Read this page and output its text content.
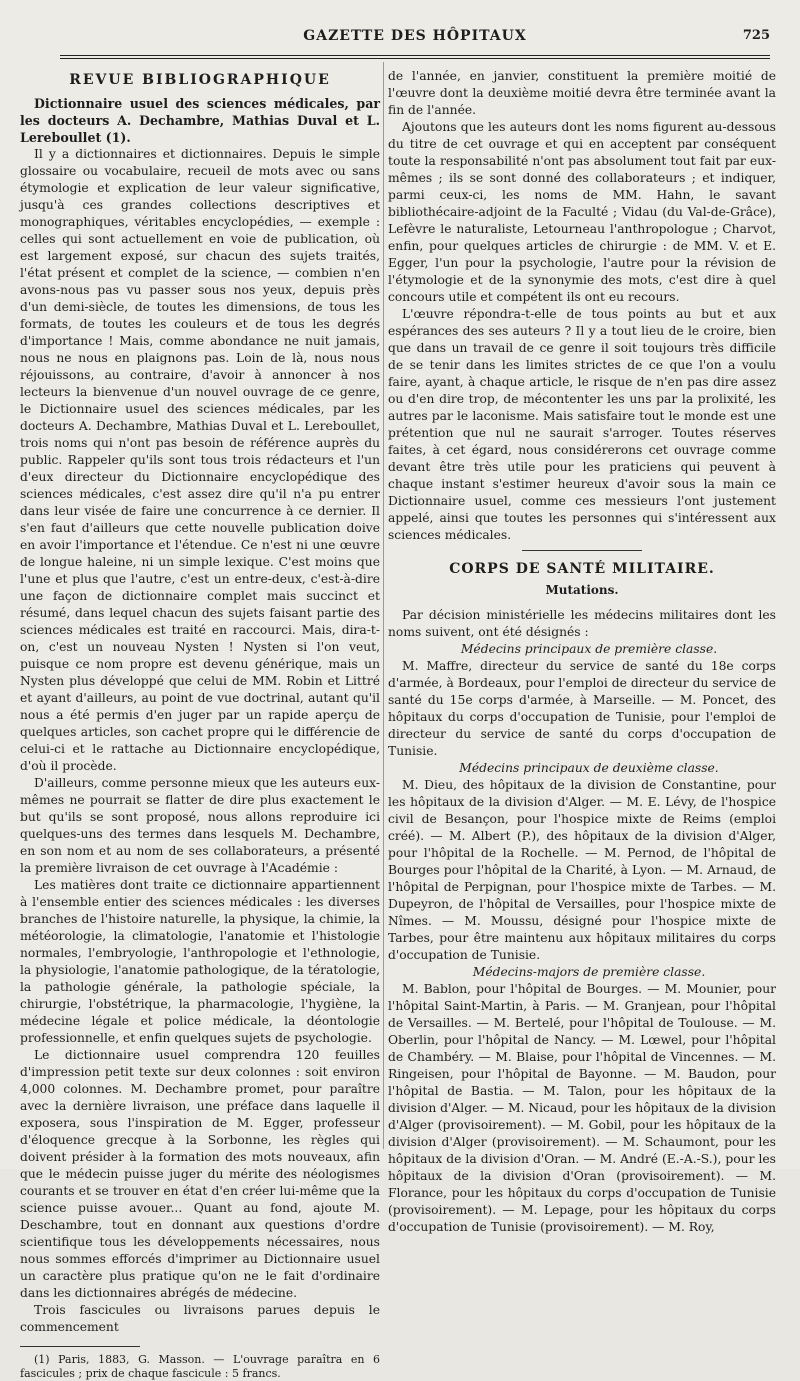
GAZETTE DES HÔPITAUX	725
REVUE BIBLIOGRAPHIQUE

Dictionnaire usuel des sciences médicales, par les docteurs A. Dechambre, Mathias Duval et L. Lereboullet (1).

Il y a dictionnaires et dictionnaires. Depuis le simple glossaire ou vocabulaire, recueil de mots avec ou sans étymologie et explication de leur valeur significative, jusqu'à ces grandes collections descriptives et monographiques, véritables encyclopédies, — exemple : celles qui sont actuellement en voie de publication, où est largement exposé, sur chacun des sujets traités, l'état présent et complet de la science, — combien n'en avons-nous pas vu passer sous nos yeux, depuis près d'un demi-siècle, de toutes les dimensions, de tous les formats, de toutes les couleurs et de tous les degrés d'importance ! Mais, comme abondance ne nuit jamais, nous ne nous en plaignons pas. Loin de là, nous nous réjouissons, au contraire, d'avoir à annoncer à nos lecteurs la bienvenue d'un nouvel ouvrage de ce genre, le Dictionnaire usuel des sciences médicales, par les docteurs A. Dechambre, Mathias Duval et L. Lereboullet, trois noms qui n'ont pas besoin de référence auprès du public. Rappeler qu'ils sont tous trois rédacteurs et l'un d'eux directeur du Dictionnaire encyclopédique des sciences médicales, c'est assez dire qu'il n'a pu entrer dans leur visée de faire une concurrence à ce dernier. Il s'en faut d'ailleurs que cette nouvelle publication doive en avoir l'importance et l'étendue. Ce n'est ni une œuvre de longue haleine, ni un simple lexique. C'est moins que l'une et plus que l'autre, c'est un entre-deux, c'est-à-dire une façon de dictionnaire complet mais succinct et résumé, dans lequel chacun des sujets faisant partie des sciences médicales est traité en raccourci. Mais, dira-t-on, c'est un nouveau Nysten ! Nysten si l'on veut, puisque ce nom propre est devenu générique, mais un Nysten plus développé que celui de MM. Robin et Littré et ayant d'ailleurs, au point de vue doctrinal, autant qu'il nous a été permis d'en juger par un rapide aperçu de quelques articles, son cachet propre qui le différencie de celui-ci et le rattache au Dictionnaire encyclopédique, d'où il procède.

D'ailleurs, comme personne mieux que les auteurs eux-mêmes ne pourrait se flatter de dire plus exactement le but qu'ils se sont proposé, nous allons reproduire ici quelques-uns des termes dans lesquels M. Dechambre, en son nom et au nom de ses collaborateurs, a présenté la première livraison de cet ouvrage à l'Académie :

Les matières dont traite ce dictionnaire appartiennent à l'ensemble entier des sciences médicales : les diverses branches de l'histoire naturelle, la physique, la chimie, la météorologie, la climatologie, l'anatomie et l'histologie normales, l'embryologie, l'anthropologie et l'ethnologie, la physiologie, l'anatomie pathologique, de la tératologie, la pathologie générale, la pathologie spéciale, la chirurgie, l'obstétrique, la pharmacologie, l'hygiène, la médecine légale et police médicale, la déontologie professionnelle, et enfin quelques sujets de psychologie.

Le dictionnaire usuel comprendra 120 feuilles d'impression petit texte sur deux colonnes : soit environ 4,000 colonnes. M. Dechambre promet, pour paraître avec la dernière livraison, une préface dans laquelle il exposera, sous l'inspiration de M. Egger, professeur d'éloquence grecque à la Sorbonne, les règles qui doivent présider à la formation des mots nouveaux, afin que le médecin puisse juger du mérite des néologismes courants et se trouver en état d'en créer lui-même que la science puisse avouer... Quant au fond, ajoute M. Deschambre, tout en donnant aux questions d'ordre scientifique tous les développements nécessaires, nous nous sommes efforcés d'imprimer au Dictionnaire usuel un caractère plus pratique qu'on ne le fait d'ordinaire dans les dictionnaires abrégés de médecine.

Trois fascicules ou livraisons parues depuis le commencement

(1) Paris, 1883, G. Masson. — L'ouvrage paraîtra en 6 fascicules ; prix de chaque fascicule : 5 francs.

de l'année, en janvier, constituent la première moitié de l'œuvre dont la deuxième moitié devra être terminée avant la fin de l'année.

Ajoutons que les auteurs dont les noms figurent au-dessous du titre de cet ouvrage et qui en acceptent par conséquent toute la responsabilité n'ont pas absolument tout fait par eux-mêmes ; ils se sont donné des collaborateurs ; et indiquer, parmi ceux-ci, les noms de MM. Hahn, le savant bibliothécaire-adjoint de la Faculté ; Vidau (du Val-de-Grâce), Lefèvre le naturaliste, Letourneau l'anthropologue ; Charvot, enfin, pour quelques articles de chirurgie : de MM. V. et E. Egger, l'un pour la psychologie, l'autre pour la révision de l'étymologie et de la synonymie des mots, c'est dire à quel concours utile et compétent ils ont eu recours.

L'œuvre répondra-t-elle de tous points au but et aux espérances des ses auteurs ? Il y a tout lieu de le croire, bien que dans un travail de ce genre il soit toujours très difficile de se tenir dans les limites strictes de ce que l'on a voulu faire, ayant, à chaque article, le risque de n'en pas dire assez ou d'en dire trop, de mécontenter les uns par la prolixité, les autres par le laconisme. Mais satisfaire tout le monde est une prétention que nul ne saurait s'arroger. Toutes réserves faites, à cet égard, nous considérerons cet ouvrage comme devant être très utile pour les praticiens qui peuvent à chaque instant s'estimer heureux d'avoir sous la main ce Dictionnaire usuel, comme ces messieurs l'ont justement appelé, ainsi que toutes les personnes qui s'intéressent aux sciences médicales.

CORPS DE SANTÉ MILITAIRE.
Mutations.

Par décision ministérielle les médecins militaires dont les noms suivent, ont été désignés :

Médecins principaux de première classe.

M. Maffre, directeur du service de santé du 18e corps d'armée, à Bordeaux, pour l'emploi de directeur du service de santé du 15e corps d'armée, à Marseille. — M. Poncet, des hôpitaux du corps d'occupation de Tunisie, pour l'emploi de directeur du service de santé du corps d'occupation de Tunisie.

Médecins principaux de deuxième classe.

M. Dieu, des hôpitaux de la division de Constantine, pour les hôpitaux de la division d'Alger. — M. E. Lévy, de l'hospice civil de Besançon, pour l'hospice mixte de Reims (emploi créé). — M. Albert (P.), des hôpitaux de la division d'Alger, pour l'hôpital de la Rochelle. — M. Pernod, de l'hôpital de Bourges pour l'hôpital de la Charité, à Lyon. — M. Arnaud, de l'hôpital de Perpignan, pour l'hospice mixte de Tarbes. — M. Dupeyron, de l'hôpital de Versailles, pour l'hospice mixte de Nîmes. — M. Moussu, désigné pour l'hospice mixte de Tarbes, pour être maintenu aux hôpitaux militaires du corps d'occupation de Tunisie.

Médecins-majors de première classe.

M. Bablon, pour l'hôpital de Bourges. — M. Mounier, pour l'hôpital Saint-Martin, à Paris. — M. Granjean, pour l'hôpital de Versailles. — M. Bertelé, pour l'hôpital de Toulouse. — M. Oberlin, pour l'hôpital de Nancy. — M. Lœwel, pour l'hôpital de Chambéry. — M. Blaise, pour l'hôpital de Vincennes. — M. Ringeisen, pour l'hôpital de Bayonne. — M. Baudon, pour l'hôpital de Bastia. — M. Talon, pour les hôpitaux de la division d'Alger. — M. Nicaud, pour les hôpitaux de la division d'Alger (provisoirement). — M. Gobil, pour les hôpitaux de la division d'Alger (provisoirement). — M. Schaumont, pour les hôpitaux de la division d'Oran. — M. André (E.-A.-S.), pour les hôpitaux de la division d'Oran (provisoirement). — M. Florance, pour les hôpitaux du corps d'occupation de Tunisie (provisoirement). — M. Lepage, pour les hôpitaux du corps d'occupation de Tunisie (provisoirement). — M. Roy,
